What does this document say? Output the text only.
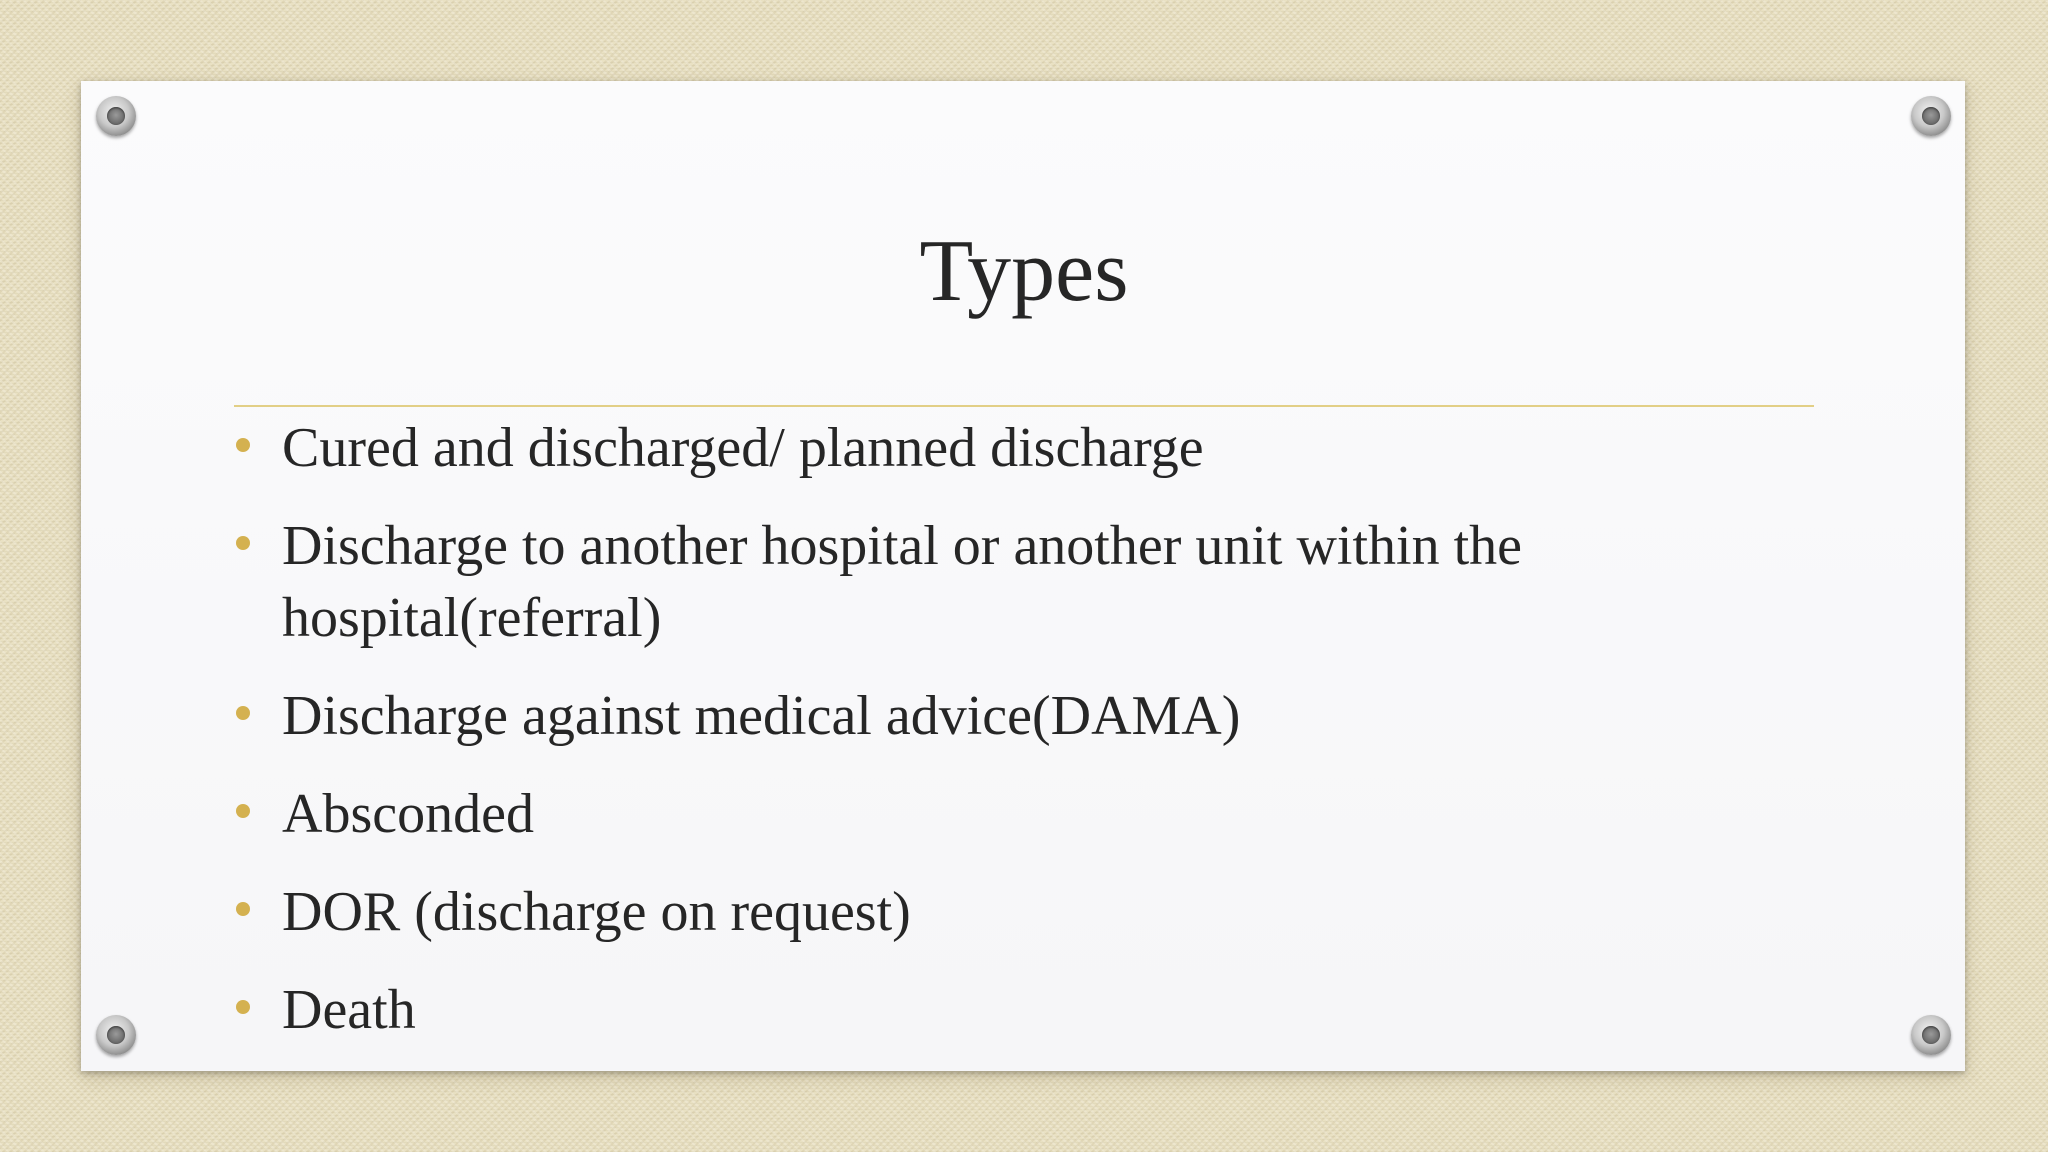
Types
Cured and discharged/ planned discharge
Discharge to another hospital or another unit within the hospital(referral)
Discharge against medical advice(DAMA)
Absconded
DOR (discharge on request)
Death
